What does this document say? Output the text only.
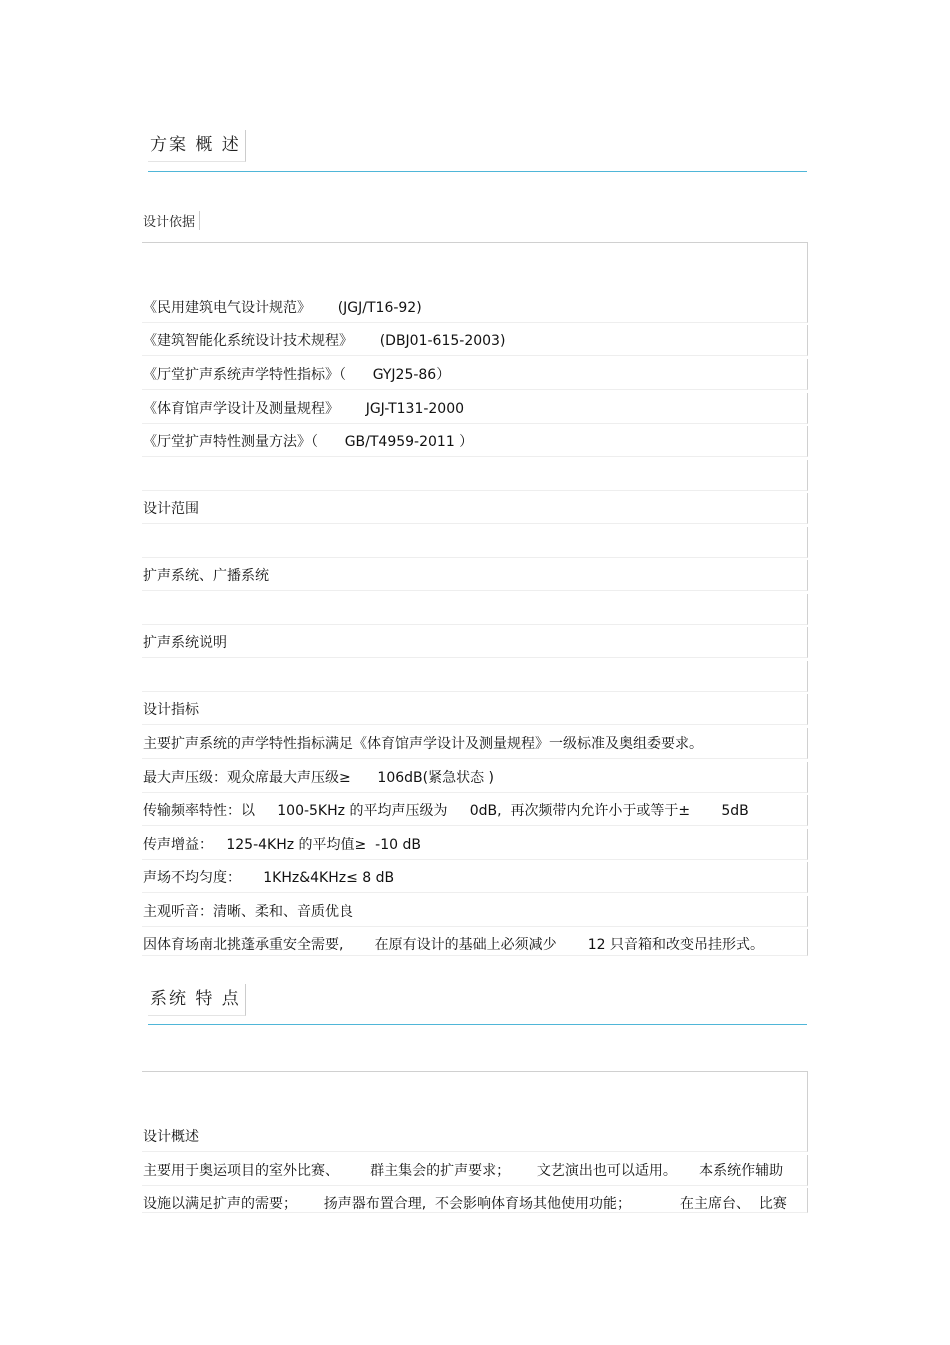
方案 概 述
设计依据
《民用建筑电气设计规范》      (JGJ/T16-92)
《建筑智能化系统设计技术规程》      (DBJ01-615-2003)
《厅堂扩声系统声学特性指标》（      GYJ25-86）
《体育馆声学设计及测量规程》      JGJ-T131-2000
《厅堂扩声特性测量方法》（      GB/T4959-2011 ）
设计范围
扩声系统、广播系统
扩声系统说明
设计指标
主要扩声系统的声学特性指标满足《体育馆声学设计及测量规程》一级标准及奥组委要求。
最大声压级：观众席最大声压级≥      106dB(紧急状态 )
传输频率特性：以     100-5KHz 的平均声压级为     0dB,  再次频带内允许小于或等于±       5dB
传声增益：   125-4KHz 的平均值≥  -10 dB
声场不均匀度：     1KHz&4KHz≤ 8 dB
主观听音：清晰、柔和、音质优良
因体育场南北挑蓬承重安全需要,       在原有设计的基础上必须减少       12 只音箱和改变吊挂形式。
系统 特 点
设计概述
主要用于奥运项目的室外比赛、       群主集会的扩声要求；      文艺演出也可以适用。     本系统作辅助
设施以满足扩声的需要；      扬声器布置合理,  不会影响体育场其他使用功能；           在主席台、  比赛
